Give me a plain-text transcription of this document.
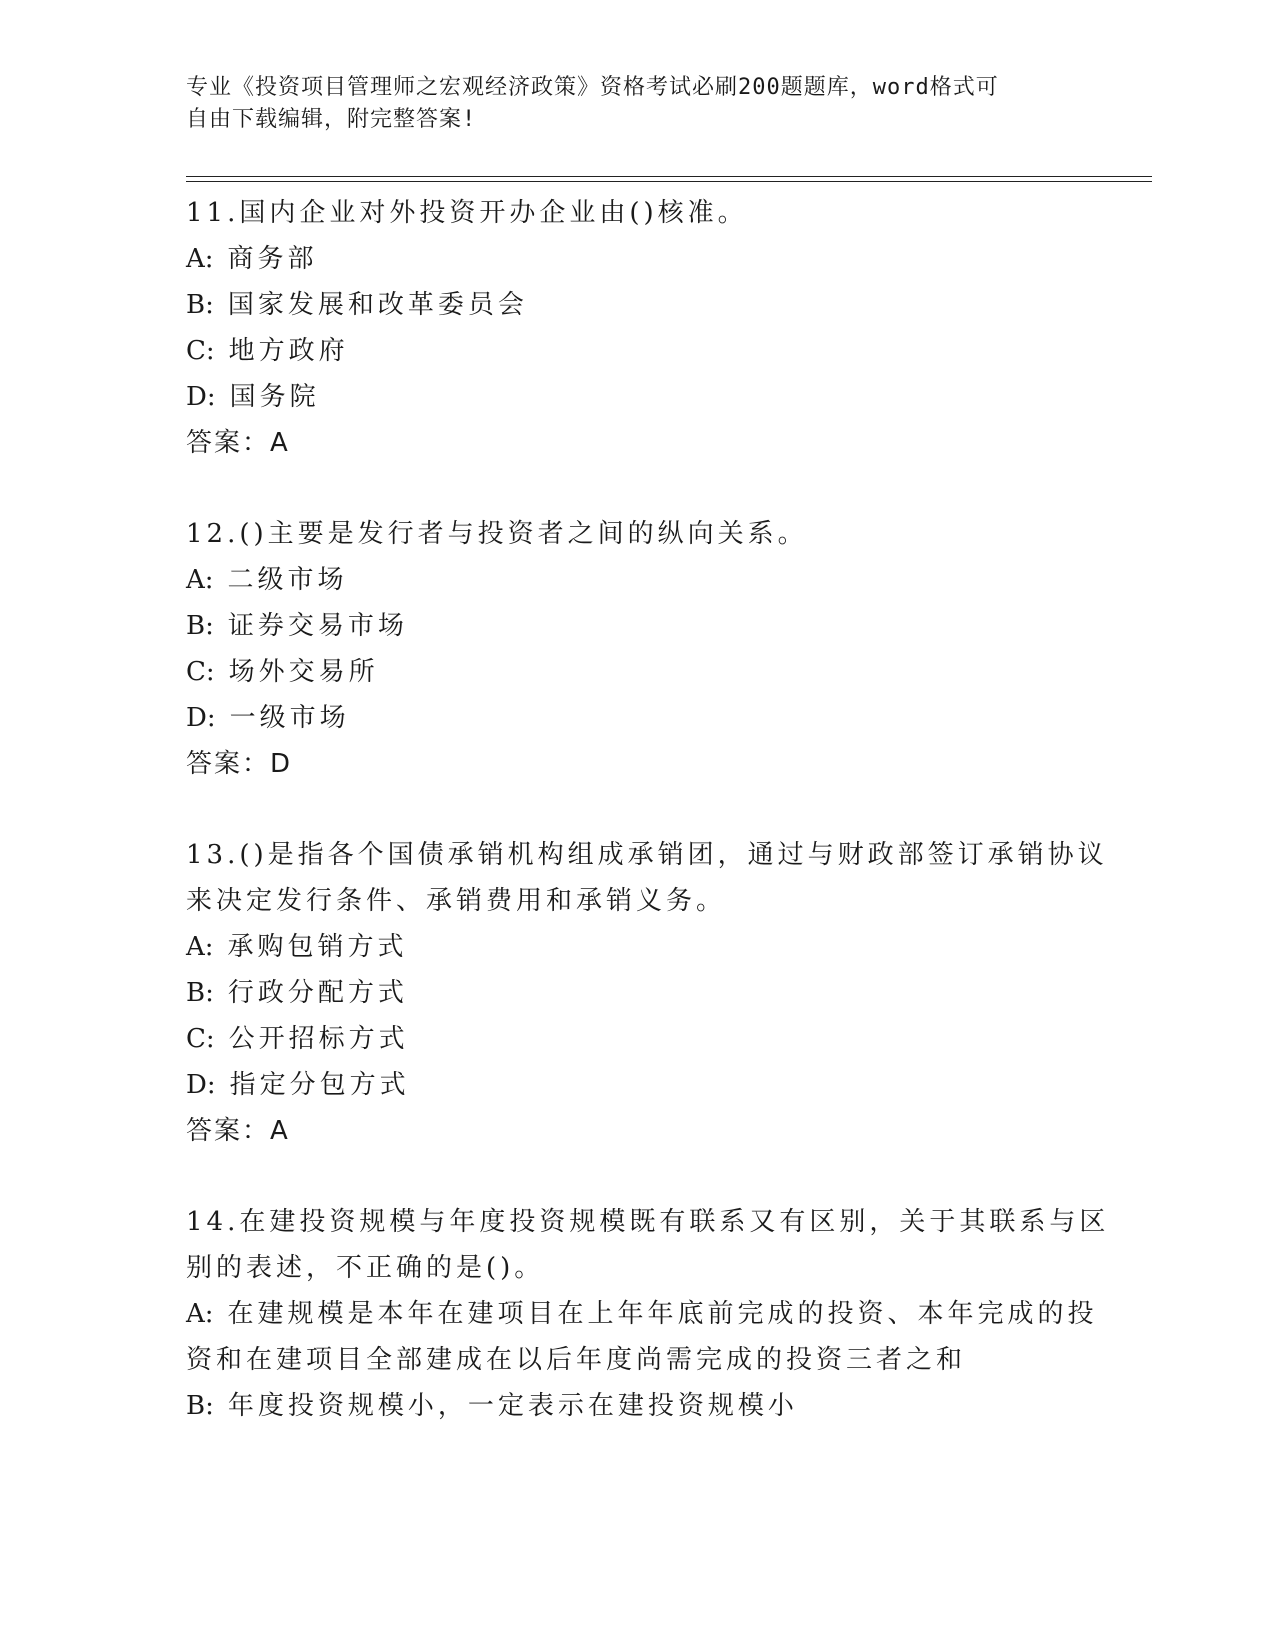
专业《投资项目管理师之宏观经济政策》资格考试必刷200题题库，word格式可
自由下载编辑，附完整答案!
11.国内企业对外投资开办企业由()核准。
A: 商务部
B: 国家发展和改革委员会
C: 地方政府
D: 国务院
答案：A
12.()主要是发行者与投资者之间的纵向关系。
A: 二级市场
B: 证券交易市场
C: 场外交易所
D: 一级市场
答案：D
13.()是指各个国债承销机构组成承销团，通过与财政部签订承销协议
来决定发行条件、承销费用和承销义务。
A: 承购包销方式
B: 行政分配方式
C: 公开招标方式
D: 指定分包方式
答案：A
14.在建投资规模与年度投资规模既有联系又有区别，关于其联系与区
别的表述，不正确的是()。
A: 在建规模是本年在建项目在上年年底前完成的投资、本年完成的投
资和在建项目全部建成在以后年度尚需完成的投资三者之和
B: 年度投资规模小，一定表示在建投资规模小
